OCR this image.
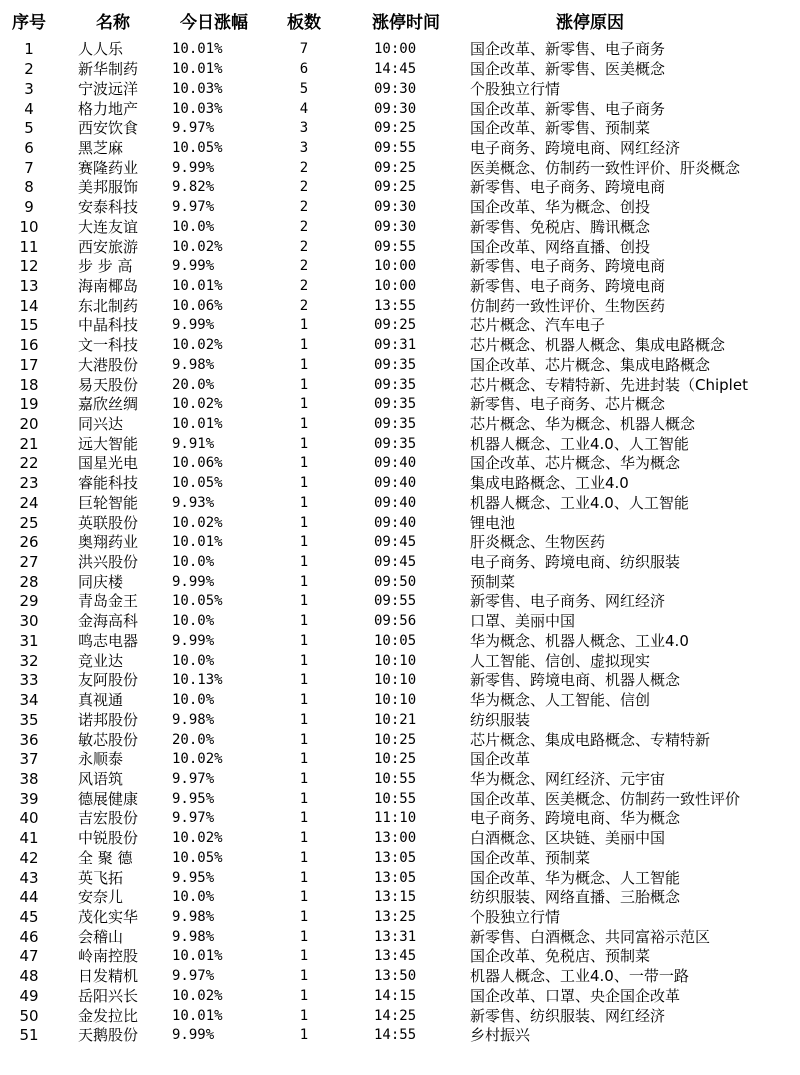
序号	名称	今日涨幅	板数	涨停时间	涨停原因
1	人人乐	10.01%	7	10:00	国企改革、新零售、电子商务
2	新华制药	10.01%	6	14:45	国企改革、新零售、医美概念
3	宁波远洋	10.03%	5	09:30	个股独立行情
4	格力地产	10.03%	4	09:30	国企改革、新零售、电子商务
5	西安饮食	9.97%	3	09:25	国企改革、新零售、预制菜
6	黑芝麻	10.05%	3	09:55	电子商务、跨境电商、网红经济
7	赛隆药业	9.99%	2	09:25	医美概念、仿制药一致性评价、肝炎概念
8	美邦服饰	9.82%	2	09:25	新零售、电子商务、跨境电商
9	安泰科技	9.97%	2	09:30	国企改革、华为概念、创投
10	大连友谊	10.0%	2	09:30	新零售、免税店、腾讯概念
11	西安旅游	10.02%	2	09:55	国企改革、网络直播、创投
12	步 步 高	9.99%	2	10:00	新零售、电子商务、跨境电商
13	海南椰岛	10.01%	2	10:00	新零售、电子商务、跨境电商
14	东北制药	10.06%	2	13:55	仿制药一致性评价、生物医药
15	中晶科技	9.99%	1	09:25	芯片概念、汽车电子
16	文一科技	10.02%	1	09:31	芯片概念、机器人概念、集成电路概念
17	大港股份	9.98%	1	09:35	国企改革、芯片概念、集成电路概念
18	易天股份	20.0%	1	09:35	芯片概念、专精特新、先进封装（Chiplet
19	嘉欣丝绸	10.02%	1	09:35	新零售、电子商务、芯片概念
20	同兴达	10.01%	1	09:35	芯片概念、华为概念、机器人概念
21	远大智能	9.91%	1	09:35	机器人概念、工业4.0、人工智能
22	国星光电	10.06%	1	09:40	国企改革、芯片概念、华为概念
23	睿能科技	10.05%	1	09:40	集成电路概念、工业4.0
24	巨轮智能	9.93%	1	09:40	机器人概念、工业4.0、人工智能
25	英联股份	10.02%	1	09:40	锂电池
26	奥翔药业	10.01%	1	09:45	肝炎概念、生物医药
27	洪兴股份	10.0%	1	09:45	电子商务、跨境电商、纺织服装
28	同庆楼	9.99%	1	09:50	预制菜
29	青岛金王	10.05%	1	09:55	新零售、电子商务、网红经济
30	金海高科	10.0%	1	09:56	口罩、美丽中国
31	鸣志电器	9.99%	1	10:05	华为概念、机器人概念、工业4.0
32	竞业达	10.0%	1	10:10	人工智能、信创、虚拟现实
33	友阿股份	10.13%	1	10:10	新零售、跨境电商、机器人概念
34	真视通	10.0%	1	10:10	华为概念、人工智能、信创
35	诺邦股份	9.98%	1	10:21	纺织服装
36	敏芯股份	20.0%	1	10:25	芯片概念、集成电路概念、专精特新
37	永顺泰	10.02%	1	10:25	国企改革
38	风语筑	9.97%	1	10:55	华为概念、网红经济、元宇宙
39	德展健康	9.95%	1	10:55	国企改革、医美概念、仿制药一致性评价
40	吉宏股份	9.97%	1	11:10	电子商务、跨境电商、华为概念
41	中锐股份	10.02%	1	13:00	白酒概念、区块链、美丽中国
42	全 聚 德	10.05%	1	13:05	国企改革、预制菜
43	英飞拓	9.95%	1	13:05	国企改革、华为概念、人工智能
44	安奈儿	10.0%	1	13:15	纺织服装、网络直播、三胎概念
45	茂化实华	9.98%	1	13:25	个股独立行情
46	会稽山	9.98%	1	13:31	新零售、白酒概念、共同富裕示范区
47	岭南控股	10.01%	1	13:45	国企改革、免税店、预制菜
48	日发精机	9.97%	1	13:50	机器人概念、工业4.0、一带一路
49	岳阳兴长	10.02%	1	14:15	国企改革、口罩、央企国企改革
50	金发拉比	10.01%	1	14:25	新零售、纺织服装、网红经济
51	天鹅股份	9.99%	1	14:55	乡村振兴
